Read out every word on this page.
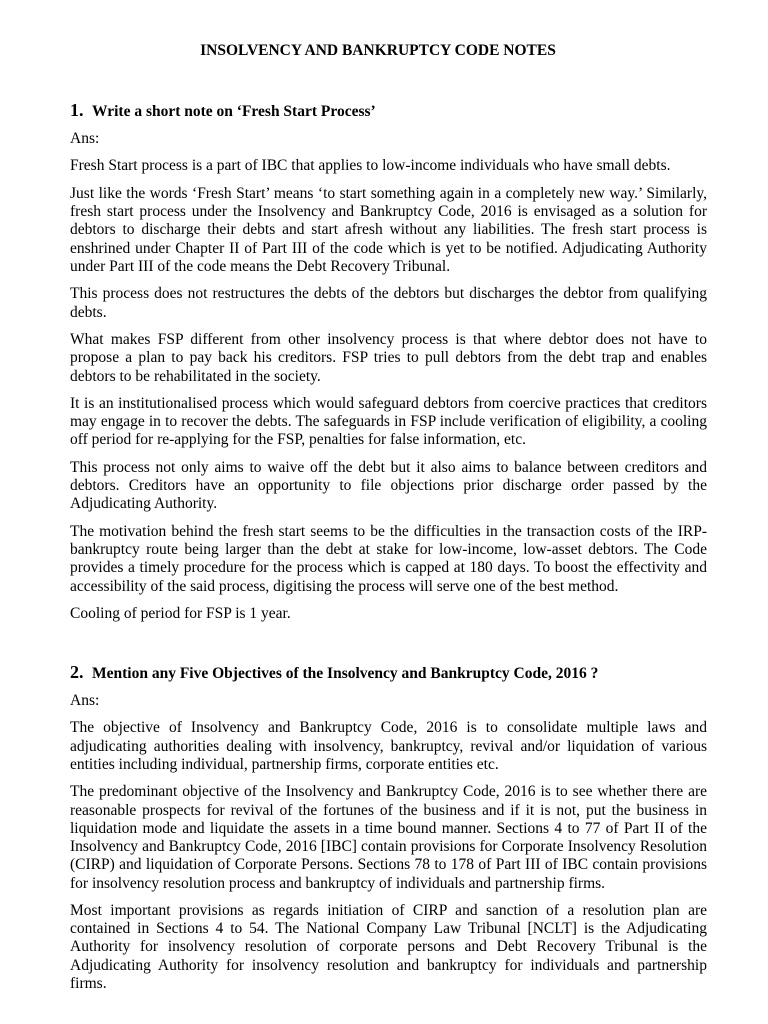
INSOLVENCY AND BANKRUPTCY CODE NOTES

1. Write a short note on ‘Fresh Start Process’

Ans:

Fresh Start process is a part of IBC that applies to low-income individuals who have small debts.

Just like the words ‘Fresh Start’ means ‘to start something again in a completely new way.’ Similarly, fresh start process under the Insolvency and Bankruptcy Code, 2016 is envisaged as a solution for debtors to discharge their debts and start afresh without any liabilities. The fresh start process is enshrined under Chapter II of Part III of the code which is yet to be notified. Adjudicating Authority under Part III of the code means the Debt Recovery Tribunal.

This process does not restructures the debts of the debtors but discharges the debtor from qualifying debts.

What makes FSP different from other insolvency process is that where debtor does not have to propose a plan to pay back his creditors. FSP tries to pull debtors from the debt trap and enables debtors to be rehabilitated in the society.

It is an institutionalised process which would safeguard debtors from coercive practices that creditors may engage in to recover the debts. The safeguards in FSP include verification of eligibility, a cooling off period for re-applying for the FSP, penalties for false information, etc.

This process not only aims to waive off the debt but it also aims to balance between creditors and debtors. Creditors have an opportunity to file objections prior discharge order passed by the Adjudicating Authority.

The motivation behind the fresh start seems to be the difficulties in the transaction costs of the IRP-bankruptcy route being larger than the debt at stake for low-income, low-asset debtors. The Code provides a timely procedure for the process which is capped at 180 days. To boost the effectivity and accessibility of the said process, digitising the process will serve one of the best method.

Cooling of period for FSP is 1 year.

2. Mention any Five Objectives of the Insolvency and Bankruptcy Code, 2016 ?

Ans:

The objective of Insolvency and Bankruptcy Code, 2016 is to consolidate multiple laws and adjudicating authorities dealing with insolvency, bankruptcy, revival and/or liquidation of various entities including individual, partnership firms, corporate entities etc.

The predominant objective of the Insolvency and Bankruptcy Code, 2016 is to see whether there are reasonable prospects for revival of the fortunes of the business and if it is not, put the business in liquidation mode and liquidate the assets in a time bound manner. Sections 4 to 77 of Part II of the Insolvency and Bankruptcy Code, 2016 [IBC] contain provisions for Corporate Insolvency Resolution (CIRP) and liquidation of Corporate Persons. Sections 78 to 178 of Part III of IBC contain provisions for insolvency resolution process and bankruptcy of individuals and partnership firms.

Most important provisions as regards initiation of CIRP and sanction of a resolution plan are contained in Sections 4 to 54. The National Company Law Tribunal [NCLT] is the Adjudicating Authority for insolvency resolution of corporate persons and Debt Recovery Tribunal is the Adjudicating Authority for insolvency resolution and bankruptcy for individuals and partnership firms.
